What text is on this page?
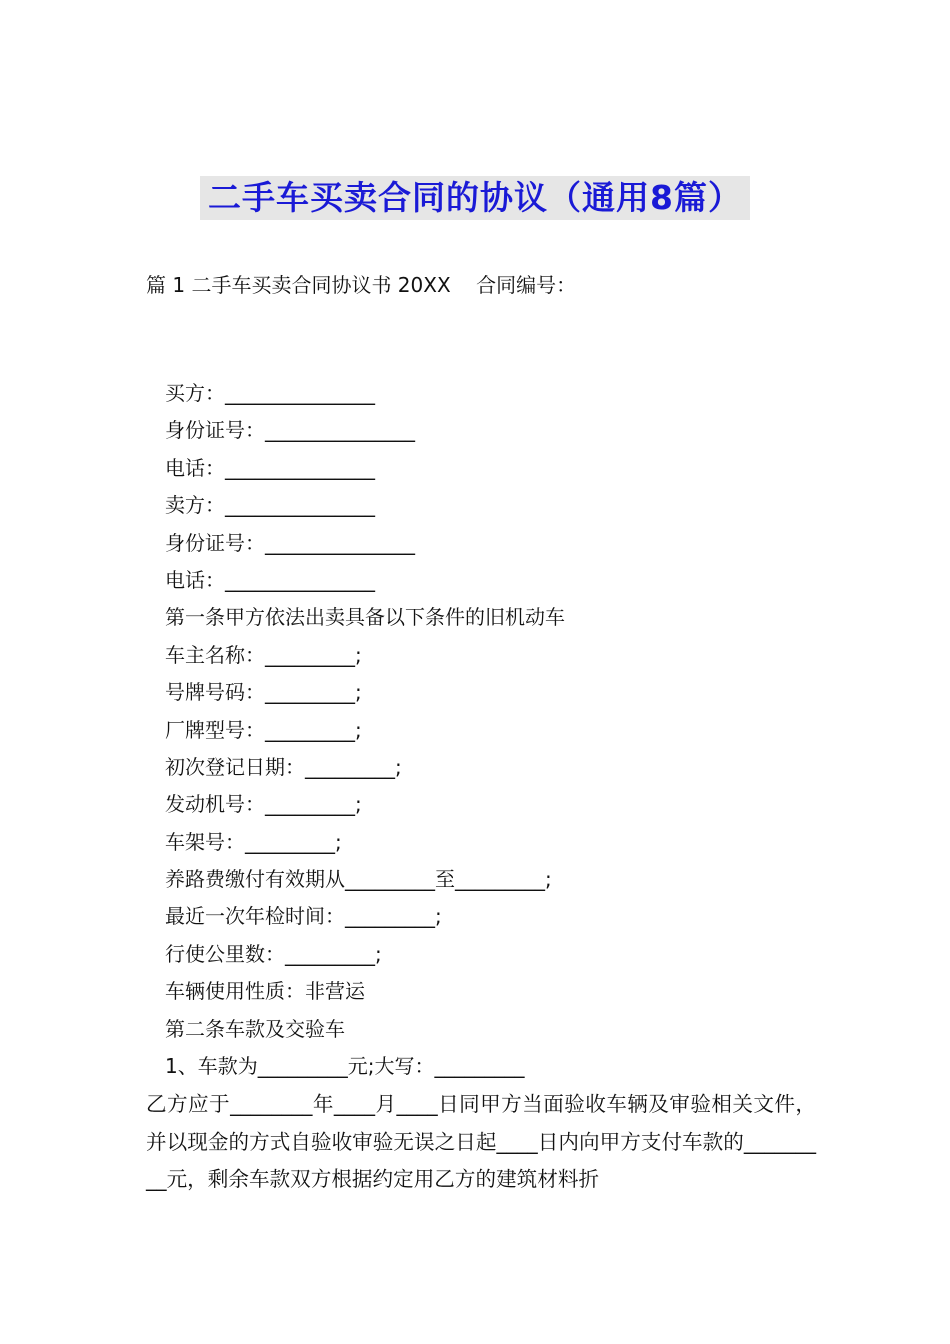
二手车买卖合同的协议（通用8篇）
篇 1 二手车买卖合同协议书 20XX    合同编号：
买方：_______________
身份证号：_______________
电话：_______________
卖方：_______________
身份证号：_______________
电话：_______________
第一条甲方依法出卖具备以下条件的旧机动车
车主名称：_________;
号牌号码：_________;
厂牌型号：_________;
初次登记日期：_________;
发动机号：_________;
车架号：_________;
养路费缴付有效期从_________至_________;
最近一次年检时间：_________;
行使公里数：_________;
车辆使用性质：非营运
第二条车款及交验车
1、车款为_________元;大写：_________
乙方应于________年____月____日同甲方当面验收车辆及审验相关文件，并以现金的方式自验收审验无误之日起____日内向甲方支付车款的_________元，剩余车款双方根据约定用乙方的建筑材料折
